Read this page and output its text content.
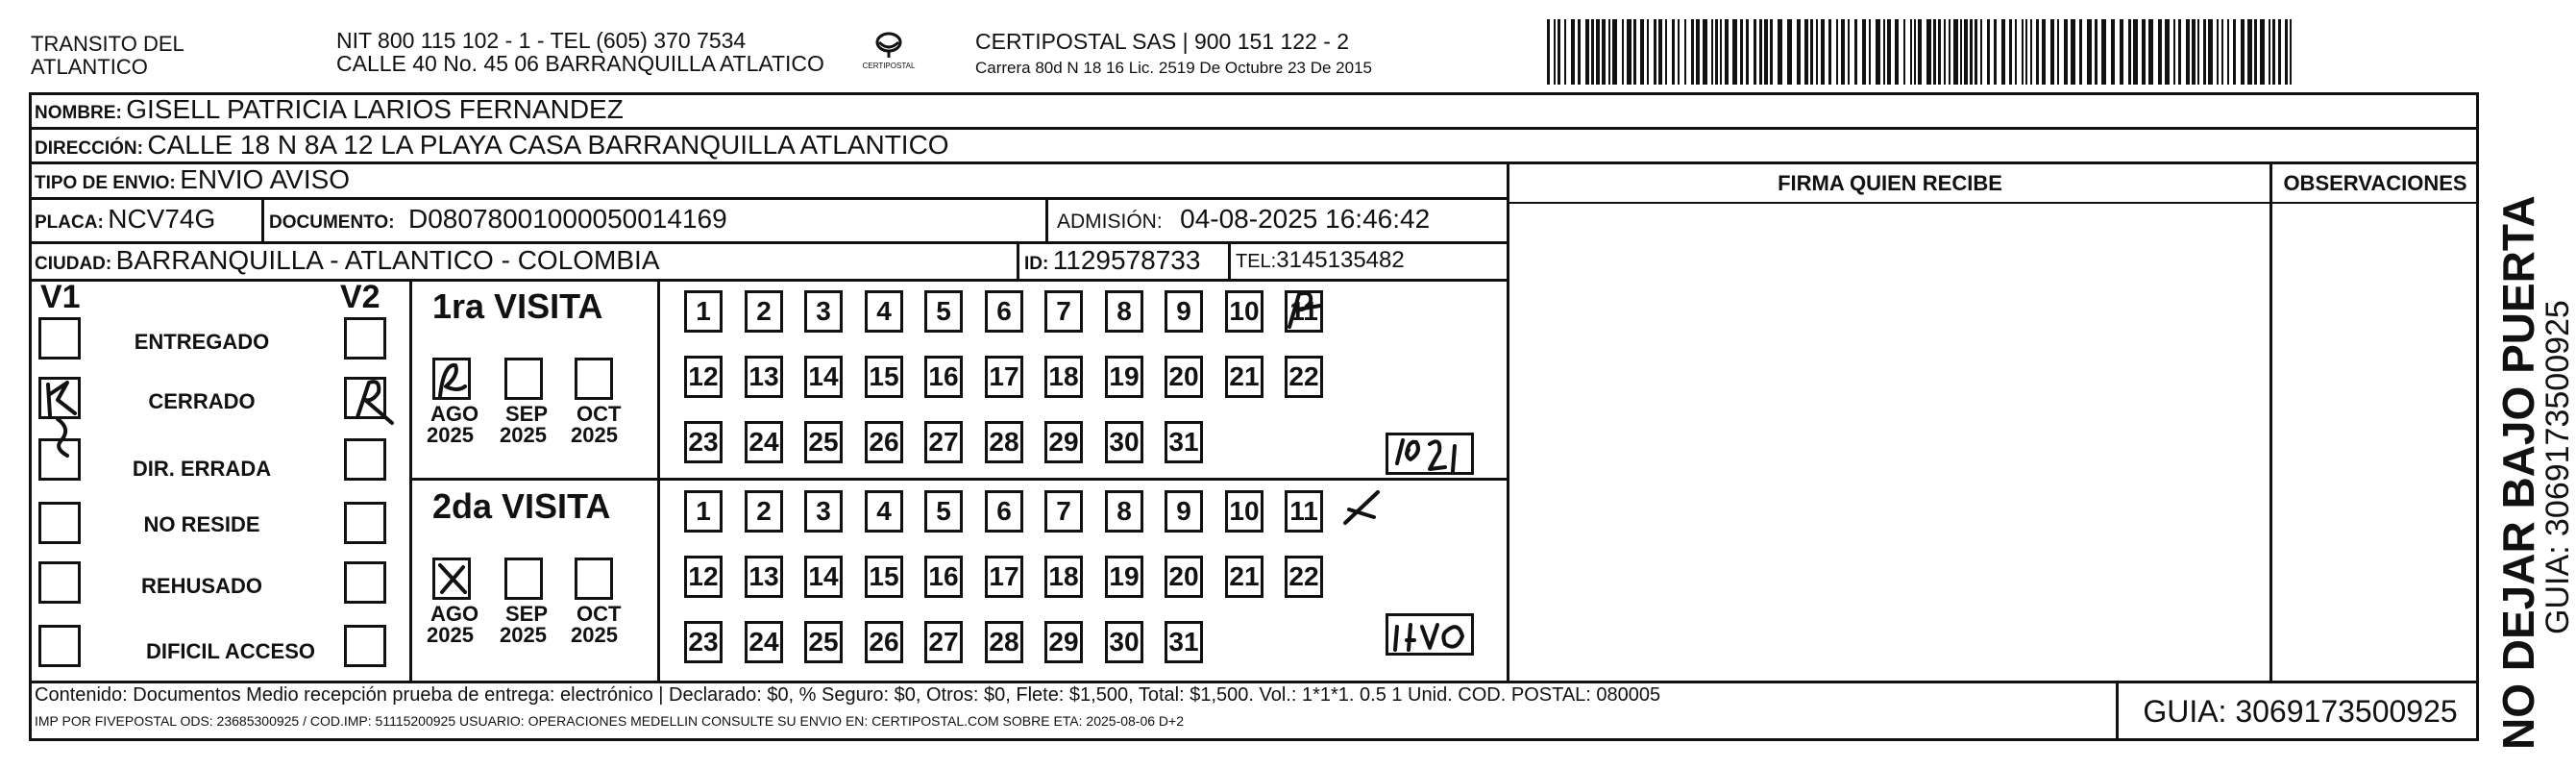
TRANSITO DEL
ATLANTICO
NIT 800 115 102 - 1 - TEL (605) 370 7534
CALLE 40 No. 45 06 BARRANQUILLA ATLATICO	CERTIPOSTAL
CERTIPOSTAL SAS | 900 151 122 - 2
Carrera 80d N 18 16 Lic. 2519 De Octubre 23 De 2015
NOMBRE: GISELL PATRICIA LARIOS FERNANDEZ
DIRECCIÓN: CALLE 18 N 8A 12 LA PLAYA CASA BARRANQUILLA ATLANTICO
TIPO DE ENVIO: ENVIO AVISO
PLACA: NCV74G	DOCUMENTO: D08078001000050014169	ADMISIÓN: 04-08-2025 16:46:42
CIUDAD: BARRANQUILLA - ATLANTICO - COLOMBIA	ID: 1129578733 TEL:3145135482
FIRMA QUIEN RECIBE	OBSERVACIONES
V1	V2
ENTREGADO
CERRADO
DIR. ERRADA
NO RESIDE
REHUSADO
DIFICIL ACCESO
1ra VISITA
2da VISITA
AGO SEP OCT
2025 2025 2025
AGO SEP OCT
2025 2025 2025
1	2	3	4	5	6	7	8	9	10 11
12 13 14 15 16 17 18 19 20 21 22
23 24 25 26 27 28 29 30 31
1	2	3	4	5	6	7	8	9	10 11
12 13 14 15 16 17 18 19 20 21 22
23 24 25 26 27 28 29 30 31
Contenido: Documentos Medio recepción prueba de entrega: electrónico | Declarado: $0, % Seguro: $0, Otros: $0, Flete: $1,500, Total: $1,500. Vol.: 1*1*1. 0.5 1 Unid. COD. POSTAL: 080005
IMP POR FIVEPOSTAL ODS: 23685300925 / COD.IMP: 51115200925 USUARIO: OPERACIONES MEDELLIN CONSULTE SU ENVIO EN: CERTIPOSTAL.COM SOBRE ETA: 2025-08-06 D+2	GUIA: 3069173500925 NO DEJAR BAJO PUERTA
GUIA: 3069173500925
